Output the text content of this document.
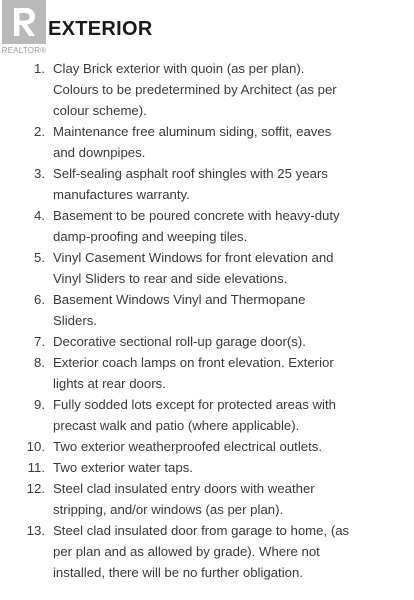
REALTOR®
EXTERIOR
1. Clay Brick exterior with quoin (as per plan). Colours to be predetermined by Architect (as per colour scheme).
2. Maintenance free aluminum siding, soffit, eaves and downpipes.
3. Self-sealing asphalt roof shingles with 25 years manufactures warranty.
4. Basement to be poured concrete with heavy-duty damp-proofing and weeping tiles.
5. Vinyl Casement Windows for front elevation and Vinyl Sliders to rear and side elevations.
6. Basement Windows Vinyl and Thermopane Sliders.
7. Decorative sectional roll-up garage door(s).
8. Exterior coach lamps on front elevation. Exterior lights at rear doors.
9. Fully sodded lots except for protected areas with precast walk and patio (where applicable).
10. Two exterior weatherproofed electrical outlets.
11. Two exterior water taps.
12. Steel clad insulated entry doors with weather stripping, and/or windows (as per plan).
13. Steel clad insulated door from garage to home, (as per plan and as allowed by grade). Where not installed, there will be no further obligation.
